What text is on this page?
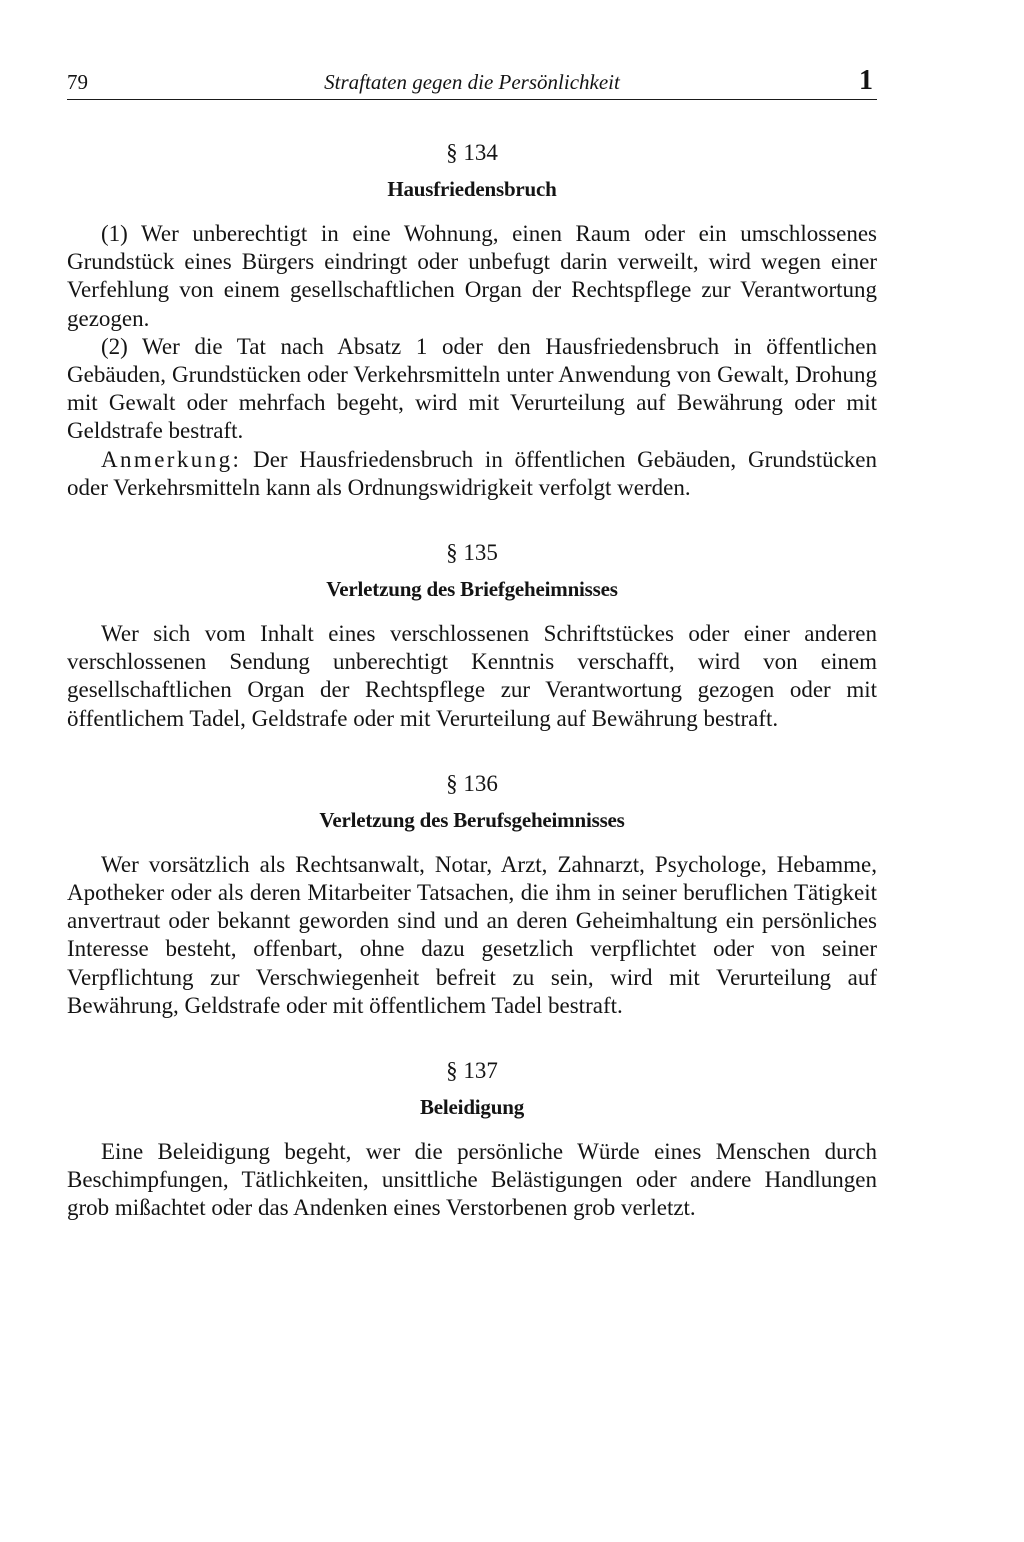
79	Straftaten gegen die Persönlichkeit	1

§ 134

Hausfriedensbruch

(1) Wer unberechtigt in eine Wohnung, einen Raum oder ein umschlossenes Grundstück eines Bürgers eindringt oder unbefugt darin verweilt, wird wegen einer Verfehlung von einem gesellschaftlichen Organ der Rechtspflege zur Verantwortung gezogen.

(2) Wer die Tat nach Absatz 1 oder den Hausfriedensbruch in öffentlichen Gebäuden, Grundstücken oder Verkehrsmitteln unter Anwendung von Gewalt, Drohung mit Gewalt oder mehrfach begeht, wird mit Verurteilung auf Bewährung oder mit Geldstrafe bestraft.

Anmerkung: Der Hausfriedensbruch in öffentlichen Gebäuden, Grundstücken oder Verkehrsmitteln kann als Ordnungswidrigkeit verfolgt werden.

§ 135

Verletzung des Briefgeheimnisses

Wer sich vom Inhalt eines verschlossenen Schriftstückes oder einer anderen verschlossenen Sendung unberechtigt Kenntnis verschafft, wird von einem gesellschaftlichen Organ der Rechtspflege zur Verantwortung gezogen oder mit öffentlichem Tadel, Geldstrafe oder mit Verurteilung auf Bewährung bestraft.

§ 136

Verletzung des Berufsgeheimnisses

Wer vorsätzlich als Rechtsanwalt, Notar, Arzt, Zahnarzt, Psychologe, Hebamme, Apotheker oder als deren Mitarbeiter Tatsachen, die ihm in seiner beruflichen Tätigkeit anvertraut oder bekannt geworden sind und an deren Geheimhaltung ein persönliches Interesse besteht, offenbart, ohne dazu gesetzlich verpflichtet oder von seiner Verpflichtung zur Verschwiegenheit befreit zu sein, wird mit Verurteilung auf Bewährung, Geldstrafe oder mit öffentlichem Tadel bestraft.

§ 137

Beleidigung

Eine Beleidigung begeht, wer die persönliche Würde eines Menschen durch Beschimpfungen, Tätlichkeiten, unsittliche Belästigungen oder andere Handlungen grob mißachtet oder das Andenken eines Verstorbenen grob verletzt.
